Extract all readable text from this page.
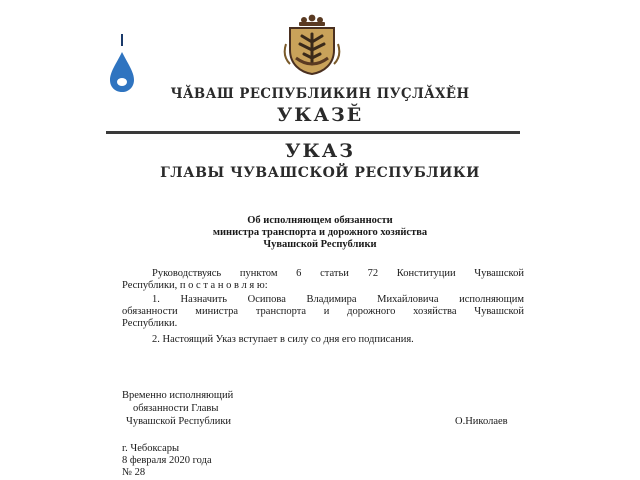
ЧĂВАШ РЕСПУБЛИКИН ПУÇЛĂХĔН
УКАЗĔ
УКАЗ
ГЛАВЫ ЧУВАШСКОЙ РЕСПУБЛИКИ
Об исполняющем обязанности
министра транспорта и дорожного хозяйства
Чувашской Республики
Руководствуясь пунктом 6 статьи 72 Конституции Чувашской
Республики, п о с т а н о в л я ю:
1. Назначить Осипова Владимира Михайловича исполняющим
обязанности министра транспорта и дорожного хозяйства Чувашской
Республики.
2. Настоящий Указ вступает в силу со дня его подписания.
Временно исполняющий
обязанности Главы
Чувашской Республики	О.Николаев
г. Чебоксары
8 февраля 2020 года
№ 28
